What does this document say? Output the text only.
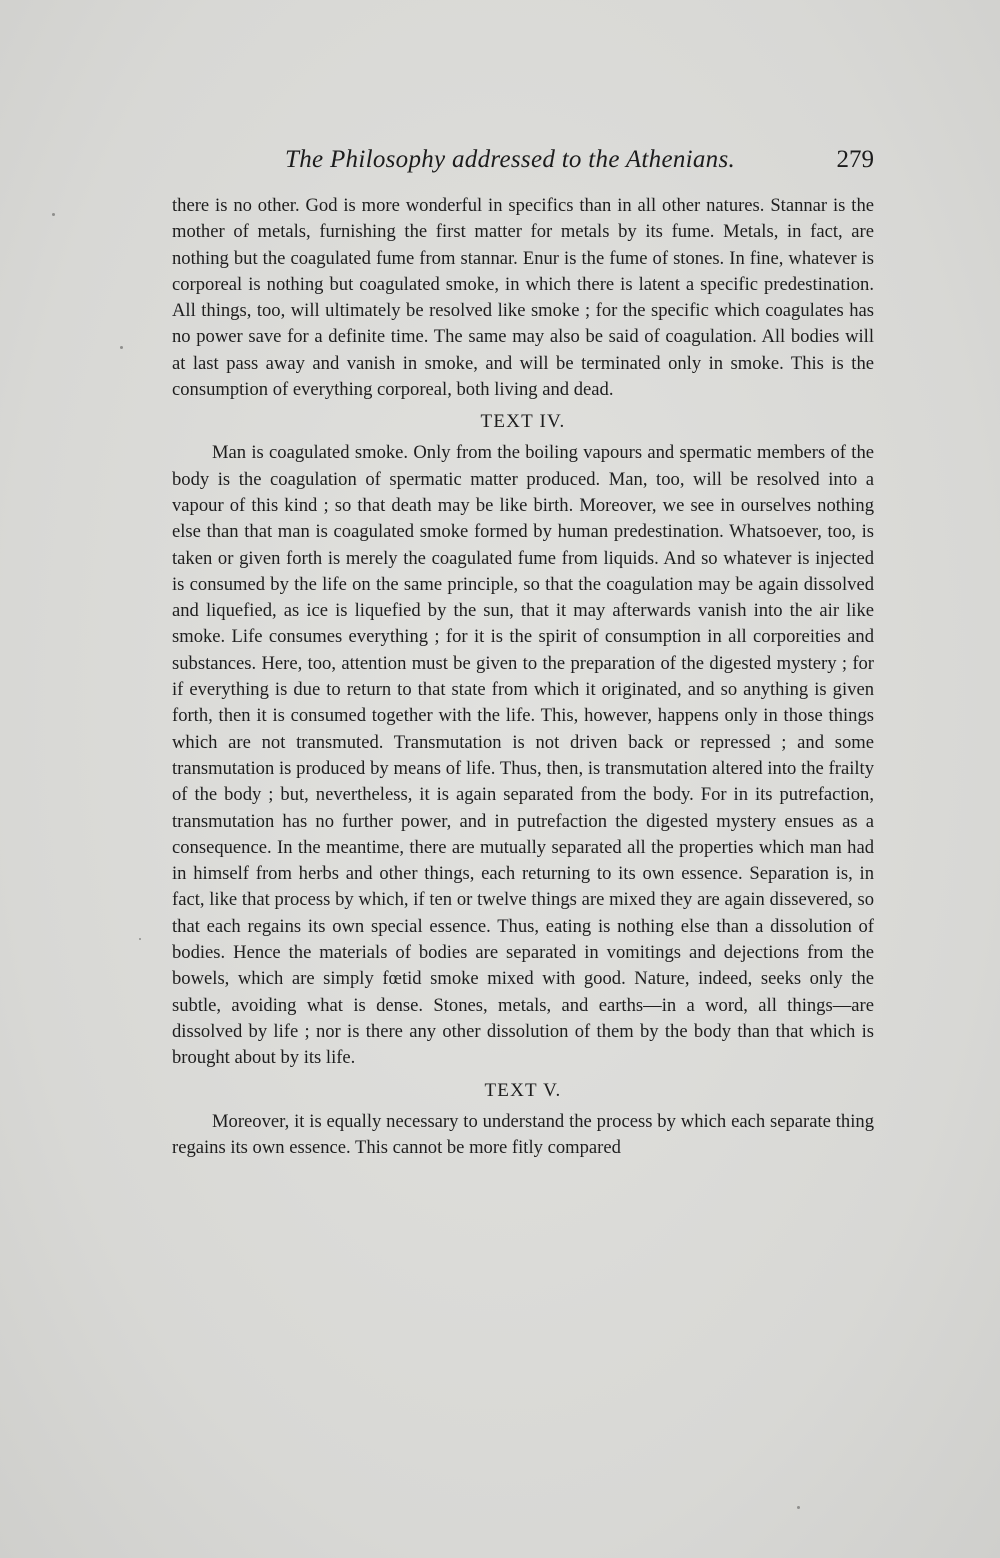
The Philosophy addressed to the Athenians.	279

there is no other. God is more wonderful in specifics than in all other natures. Stannar is the mother of metals, furnishing the first matter for metals by its fume. Metals, in fact, are nothing but the coagulated fume from stannar. Enur is the fume of stones. In fine, whatever is corporeal is nothing but coagulated smoke, in which there is latent a specific predestination. All things, too, will ultimately be resolved like smoke ; for the specific which coagulates has no power save for a definite time. The same may also be said of coagulation. All bodies will at last pass away and vanish in smoke, and will be terminated only in smoke. This is the consumption of everything corporeal, both living and dead.

TEXT IV.

Man is coagulated smoke. Only from the boiling vapours and spermatic members of the body is the coagulation of spermatic matter produced. Man, too, will be resolved into a vapour of this kind ; so that death may be like birth. Moreover, we see in ourselves nothing else than that man is coagulated smoke formed by human predestination. Whatsoever, too, is taken or given forth is merely the coagulated fume from liquids. And so whatever is injected is consumed by the life on the same principle, so that the coagulation may be again dissolved and liquefied, as ice is liquefied by the sun, that it may afterwards vanish into the air like smoke. Life consumes everything ; for it is the spirit of consumption in all corporeities and substances. Here, too, attention must be given to the preparation of the digested mystery ; for if everything is due to return to that state from which it originated, and so anything is given forth, then it is consumed together with the life. This, however, happens only in those things which are not transmuted. Transmutation is not driven back or repressed ; and some transmutation is produced by means of life. Thus, then, is transmutation altered into the frailty of the body ; but, nevertheless, it is again separated from the body. For in its putrefaction, transmutation has no further power, and in putrefaction the digested mystery ensues as a consequence. In the meantime, there are mutually separated all the properties which man had in himself from herbs and other things, each returning to its own essence. Separation is, in fact, like that process by which, if ten or twelve things are mixed they are again dissevered, so that each regains its own special essence. Thus, eating is nothing else than a dissolution of bodies. Hence the materials of bodies are separated in vomitings and dejections from the bowels, which are simply fœtid smoke mixed with good. Nature, indeed, seeks only the subtle, avoiding what is dense. Stones, metals, and earths—in a word, all things—are dissolved by life ; nor is there any other dissolution of them by the body than that which is brought about by its life.

TEXT V.

Moreover, it is equally necessary to understand the process by which each separate thing regains its own essence. This cannot be more fitly compared
